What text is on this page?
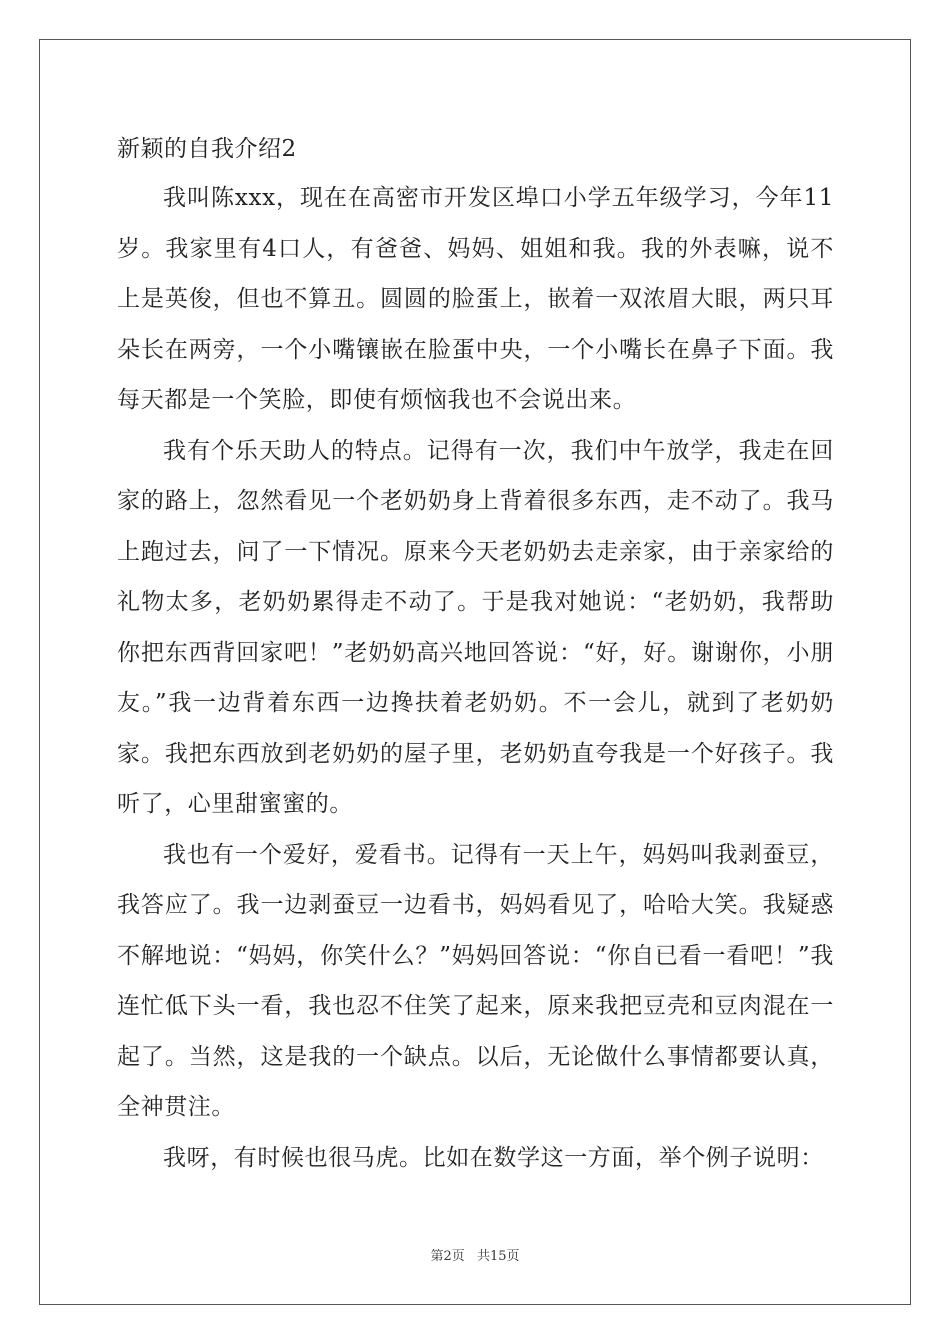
新颖的自我介绍2

我叫陈xxx，现在在高密市开发区埠口小学五年级学习，今年11岁。我家里有4口人，有爸爸、妈妈、姐姐和我。我的外表嘛，说不上是英俊，但也不算丑。圆圆的脸蛋上，嵌着一双浓眉大眼，两只耳朵长在两旁，一个小嘴镶嵌在脸蛋中央，一个小嘴长在鼻子下面。我每天都是一个笑脸，即使有烦恼我也不会说出来。

我有个乐天助人的特点。记得有一次，我们中午放学，我走在回家的路上，忽然看见一个老奶奶身上背着很多东西，走不动了。我马上跑过去，问了一下情况。原来今天老奶奶去走亲家，由于亲家给的礼物太多，老奶奶累得走不动了。于是我对她说：“老奶奶，我帮助你把东西背回家吧！”老奶奶高兴地回答说：“好，好。谢谢你，小朋友。”我一边背着东西一边搀扶着老奶奶。不一会儿，就到了老奶奶家。我把东西放到老奶奶的屋子里，老奶奶直夸我是一个好孩子。我听了，心里甜蜜蜜的。

我也有一个爱好，爱看书。记得有一天上午，妈妈叫我剥蚕豆，我答应了。我一边剥蚕豆一边看书，妈妈看见了，哈哈大笑。我疑惑不解地说：“妈妈，你笑什么？”妈妈回答说：“你自已看一看吧！”我连忙低下头一看，我也忍不住笑了起来，原来我把豆壳和豆肉混在一起了。当然，这是我的一个缺点。以后，无论做什么事情都要认真，全神贯注。

我呀，有时候也很马虎。比如在数学这一方面，举个例子说明：

第2页 共15页
